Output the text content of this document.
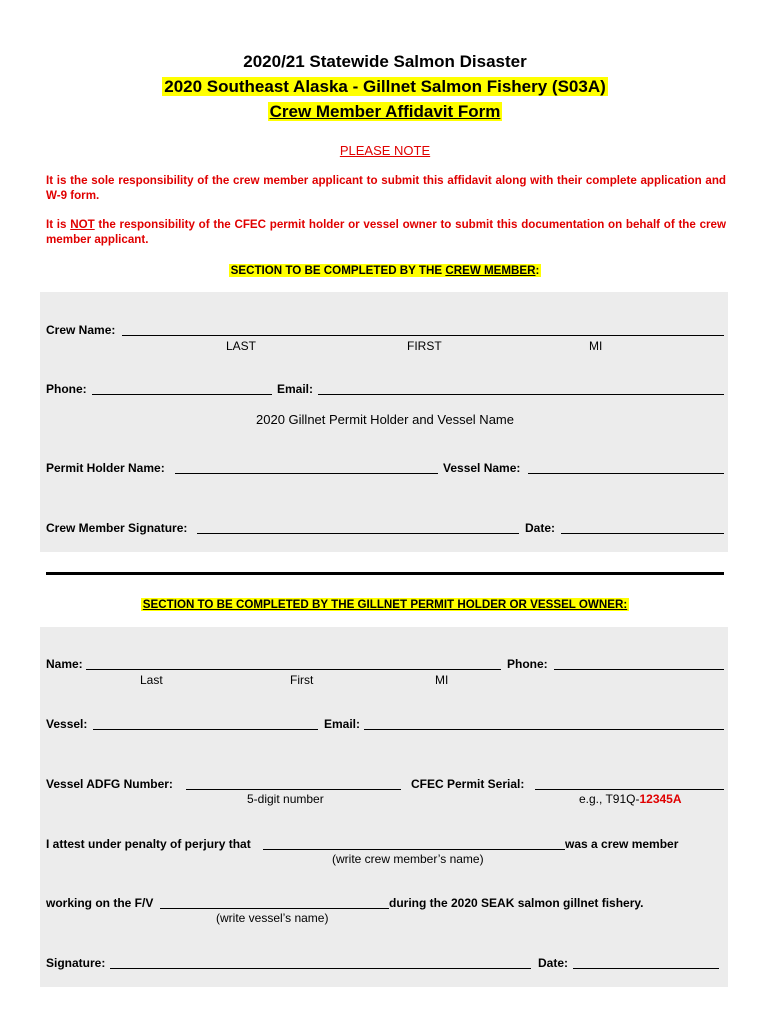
2020/21 Statewide Salmon Disaster
2020 Southeast Alaska - Gillnet Salmon Fishery (S03A)
Crew Member Affidavit Form
PLEASE NOTE
It is the sole responsibility of the crew member applicant to submit this affidavit along with their complete application and W-9 form.
It is NOT the responsibility of the CFEC permit holder or vessel owner to submit this documentation on behalf of the crew member applicant.
SECTION TO BE COMPLETED BY THE CREW MEMBER:
Crew Name:
LAST	FIRST	MI
Phone:	Email:
2020 Gillnet Permit Holder and Vessel Name
Permit Holder Name:	Vessel Name:
Crew Member Signature:	Date:
SECTION TO BE COMPLETED BY THE GILLNET PERMIT HOLDER OR VESSEL OWNER:
Name:	Phone:
Last	First	MI
Vessel:	Email:
Vessel ADFG Number:	CFEC Permit Serial:
5-digit number	e.g., T91Q-12345A
I attest under penalty of perjury that	was a crew member
(write crew member’s name)
working on the F/V	during the 2020 SEAK salmon gillnet fishery.
(write vessel’s name)
Signature:	Date:
